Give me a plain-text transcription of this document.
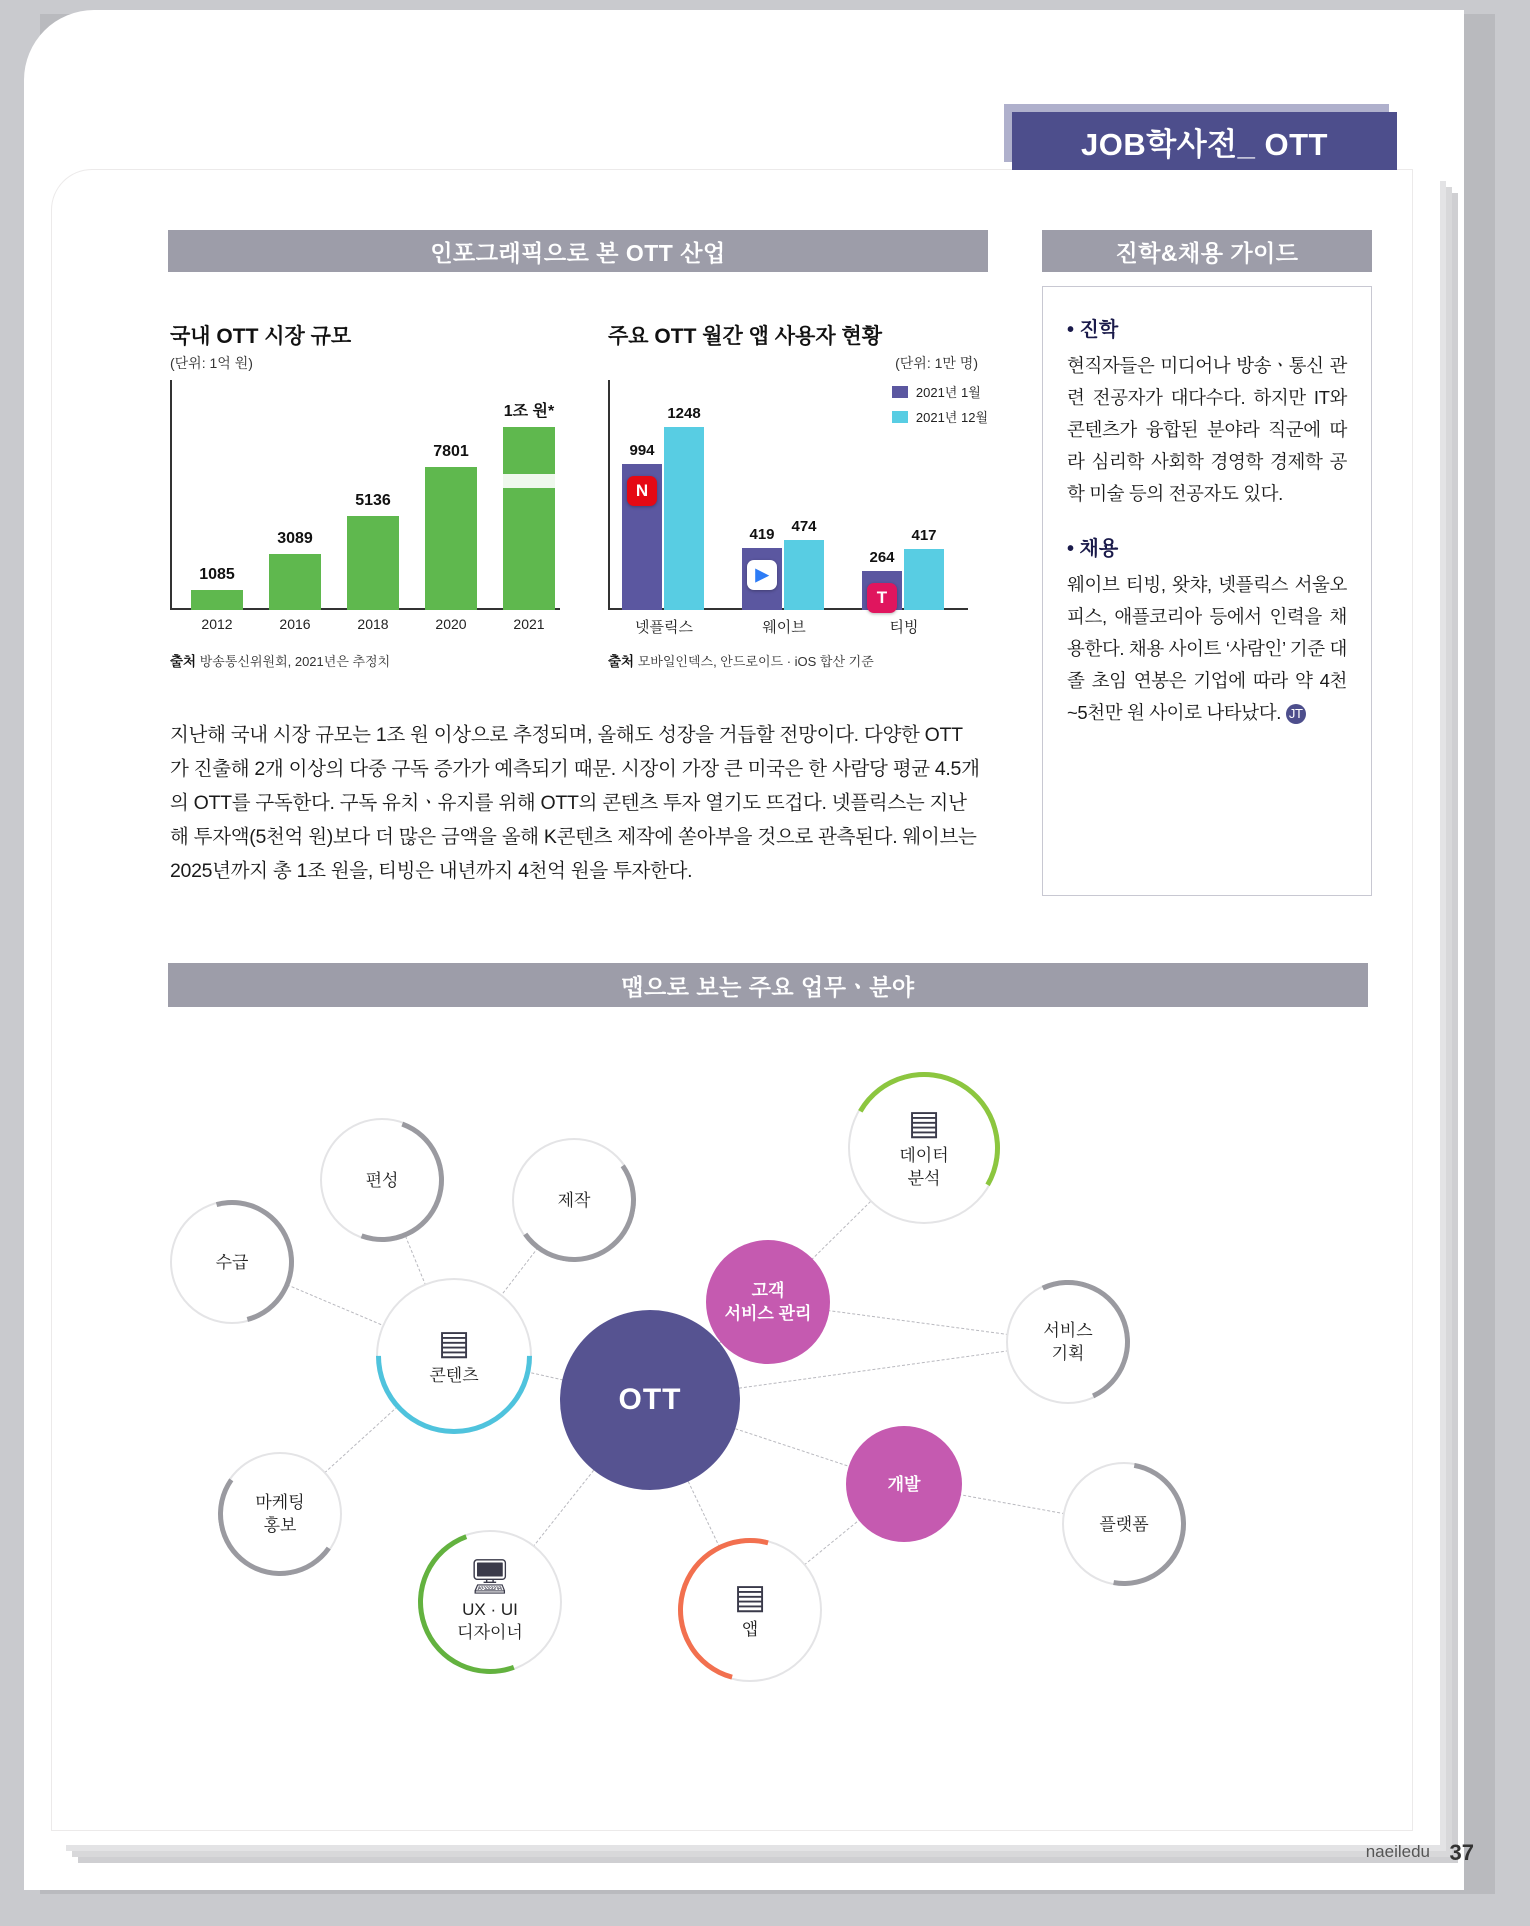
JOB학사전_ OTT
인포그래픽으로 본 OTT 산업	진학&채용 가이드
맵으로 보는 주요 업무ㆍ분야
국내 OTT 시장 규모
(단위: 1억 원)
1085
3089
5136
7801
1조 원*
2012	2016	2018	2020	2021
출처 방송통신위원회, 2021년은 추정치
주요 OTT 월간 앱 사용자 현황
(단위: 1만 명)
2021년 1월
2021년 12월
994
1248
N
419	474
▶
264
417
T
넷플릭스	웨이브	티빙
출처 모바일인덱스, 안드로이드 · iOS 합산 기준
지난해 국내 시장 규모는 1조 원 이상으로 추정되며, 올해도 성장을 거듭할 전망이다. 다양한 OTT가 진출해 2개 이상의 다중 구독 증가가 예측되기 때문. 시장이 가장 큰 미국은 한 사람당 평균 4.5개의 OTT를 구독한다. 구독 유치ㆍ유지를 위해 OTT의 콘텐츠 투자 열기도 뜨겁다. 넷플릭스는 지난해 투자액(5천억 원)보다 더 많은 금액을 올해 K콘텐츠 제작에 쏟아부을 것으로 관측된다. 웨이브는 2025년까지 총 1조 원을, 티빙은 내년까지 4천억 원을 투자한다.
• 진학
현직자들은 미디어나 방송ㆍ통신 관련 전공자가 대다수다. 하지만 IT와 콘텐츠가 융합된 분야라 직군에 따라 심리학 사회학 경영학 경제학 공학 미술 등의 전공자도 있다.
• 채용
웨이브 티빙, 왓챠, 넷플릭스 서울오피스, 애플코리아 등에서 인력을 채용한다. 채용 사이트 ‘사람인’ 기준 대졸 초임 연봉은 기업에 따라 약 4천~5천만 원 사이로 나타났다. JT
OTT
수급
편성
제작
▤
콘텐츠
마케팅
홍보
🖥
UX · UI
디자이너
▤
앱
개발
고객
서비스 관리
▤
데이터
분석
서비스
기획
플랫폼
naeiledu 37
